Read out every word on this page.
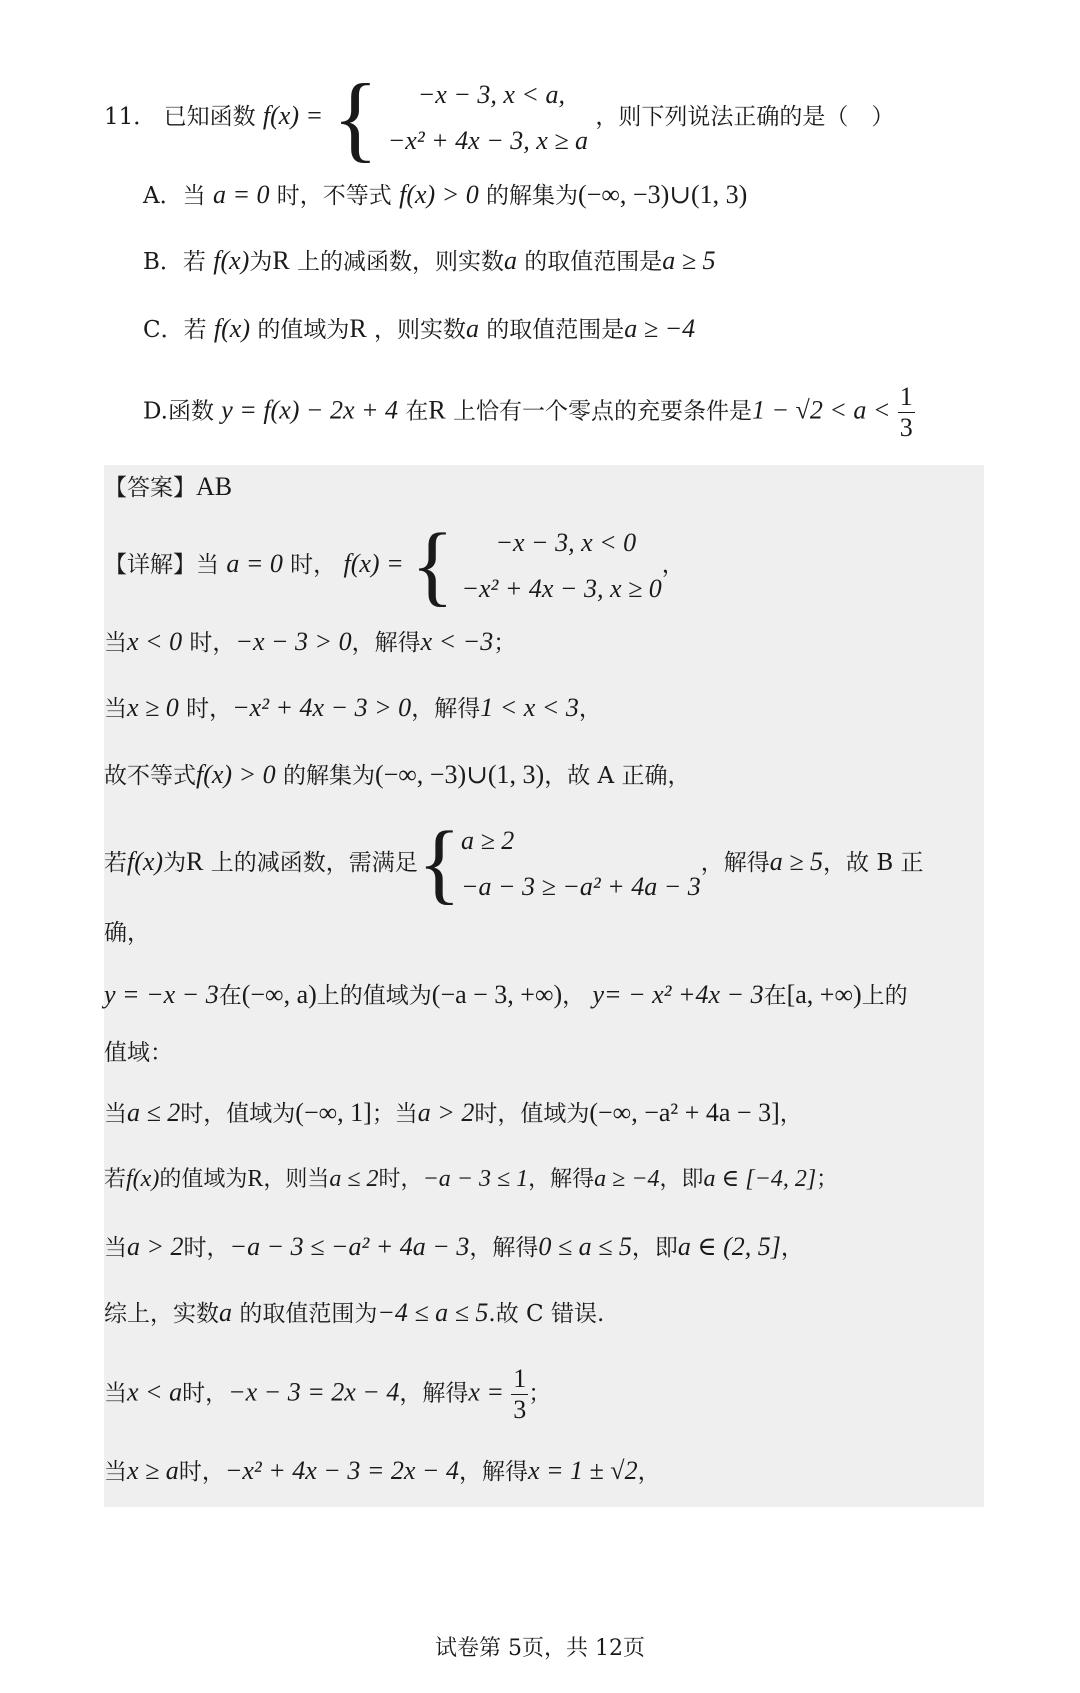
11． 已知函数 f(x) = {	−x − 3, x < a,
−x² + 4x − 3, x ≥ a
，则下列说法正确的是（　）
A．当 a = 0 时，不等式 f(x) > 0 的解集为(−∞, −3)∪(1, 3)
B．若 f(x)为R 上的减函数，则实数a 的取值范围是a ≥ 5
C．若 f(x) 的值域为R ，则实数a 的取值范围是a ≥ −4
D.函数 y = f(x) − 2x + 4 在R 上恰有一个零点的充要条件是$1 - √2 < a < \frac{1}{3}$
【答案】AB
【详解】当 a = 0 时， f(x) = {	−x − 3, x < 0
−x² + 4x − 3, x ≥ 0
，
当x < 0 时，−x − 3 > 0，解得x < −3；
当x ≥ 0 时，−x² + 4x − 3 > 0，解得1 < x < 3，
故不等式f(x) > 0 的解集为(−∞, −3)∪(1, 3)，故 A 正确，
若f(x)为R 上的减函数，需满足{ a ≥ 2
−a − 3 ≥ −a² + 4a − 3
，解得a ≥ 5，故 B 正
确，
y = −x − 3在(−∞, a)上的值域为(−a − 3, +∞)， y= − x² +4x − 3在[a, +∞)上的
值域：
当a ≤ 2时，值域为(−∞, 1]；当a > 2时，值域为(−∞, −a² + 4a − 3]，
若f(x)的值域为R，则当a ≤ 2时，−a − 3 ≤ 1，解得a ≥ −4，即a ∈ [−4, 2]；
当a > 2时，−a − 3 ≤ −a² + 4a − 3，解得0 ≤ a ≤ 5，即a ∈ (2, 5]，
综上，实数a 的取值范围为−4 ≤ a ≤ 5.故 C 错误.
当x < a时，−x − 3 = 2x − 4，解得$x = \frac{1}{3}$ ；
当x ≥ a时，−x² + 4x − 3 = 2x − 4，解得x = 1 ± √2，
试卷第 5页，共 12页
